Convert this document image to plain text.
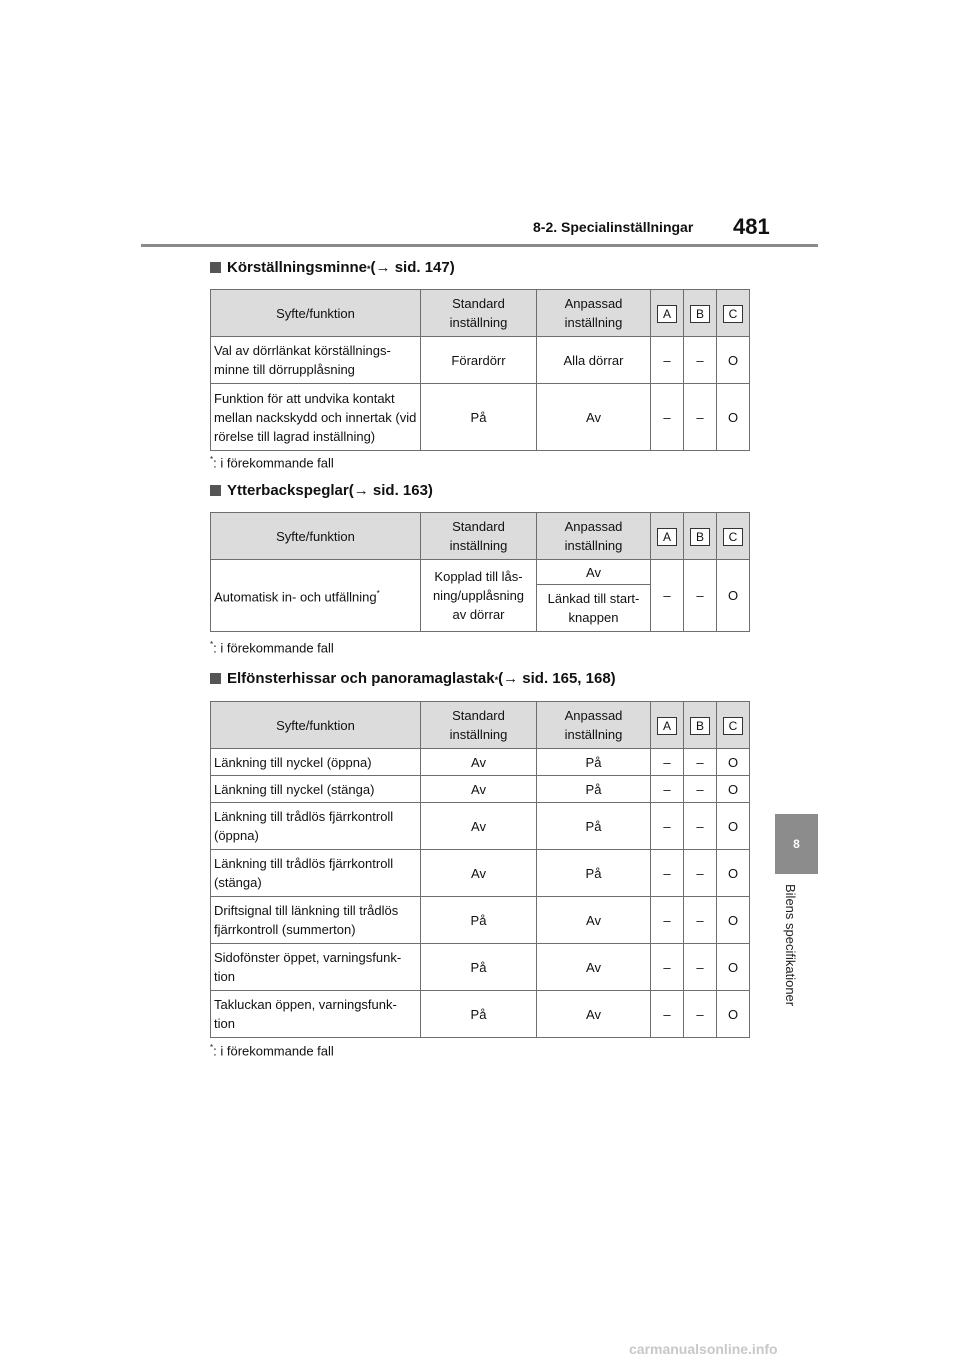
8-2. Specialinställningar 481
8
Bilens specifikationer
Körställningsminne * (→ sid. 147)
Syfte/funktion	Standard inställning	Anpassad inställning	A	B	C
Val av dörrlänkat körställnings-minne till dörrupplåsning	Förardörr	Alla dörrar	–	–	O
Funktion för att undvika kontakt mellan nackskydd och innertak (vid rörelse till lagrad inställning)	På	Av	–	–	O
*: i förekommande fall
Ytterbackspeglar (→ sid. 163)
Syfte/funktion	Standard inställning	Anpassad inställning	A	B	C
Automatisk in- och utfällning*	Kopplad till lås-ning/upplåsning av dörrar	Av	–	–	O
		Länkad till start-knappen			
*: i förekommande fall
Elfönsterhissar och panoramaglastak * (→ sid. 165, 168)
Syfte/funktion	Standard inställning	Anpassad inställning	A	B	C
Länkning till nyckel (öppna)	Av	På	–	–	O
Länkning till nyckel (stänga)	Av	På	–	–	O
Länkning till trådlös fjärrkontroll (öppna)	Av	På	–	–	O
Länkning till trådlös fjärrkontroll (stänga)	Av	På	–	–	O
Driftsignal till länkning till trådlös fjärrkontroll (summerton)	På	Av	–	–	O
Sidofönster öppet, varningsfunk-tion	På	Av	–	–	O
Takluckan öppen, varningsfunk-tion	På	Av	–	–	O
*: i förekommande fall
carmanualsonline.info
